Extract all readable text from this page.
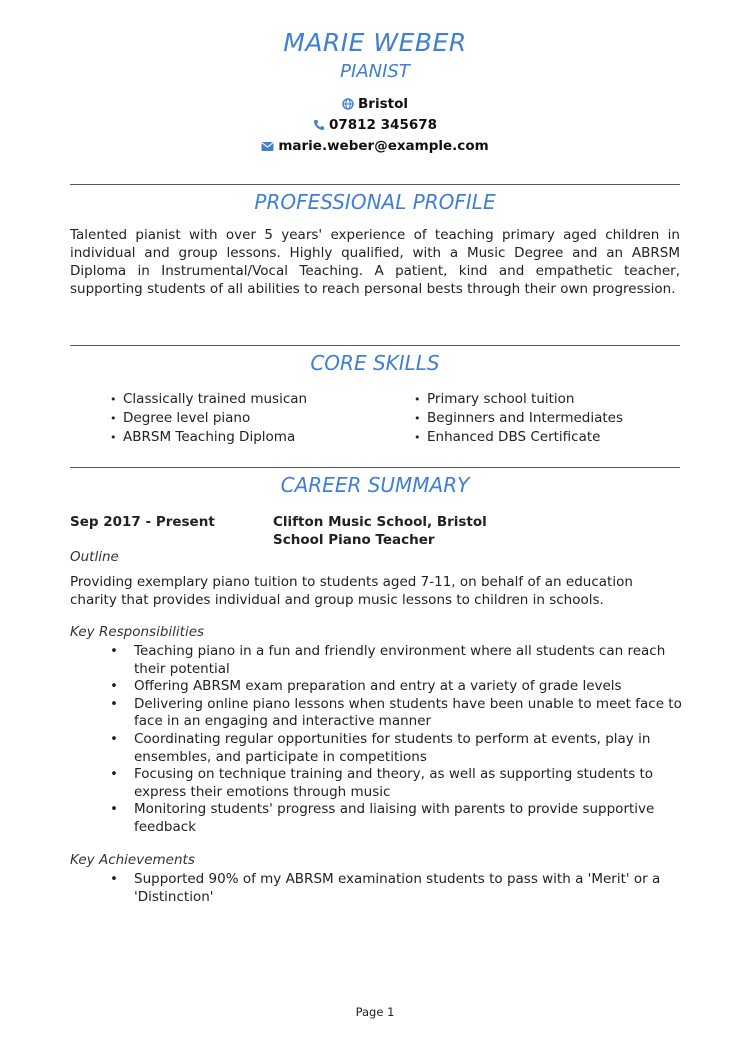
MARIE WEBER
PIANIST
Bristol
07812 345678
marie.weber@example.com
PROFESSIONAL PROFILE

Talented pianist with over 5 years' experience of teaching primary aged children in individual and group lessons. Highly qualified, with a Music Degree and an ABRSM Diploma in Instrumental/Vocal Teaching. A patient, kind and empathetic teacher, supporting students of all abilities to reach personal bests through their own progression.

CORE SKILLS
• Classically trained musican
• Degree level piano
• ABRSM Teaching Diploma
• Primary school tuition
• Beginners and Intermediates
• Enhanced DBS Certificate
CAREER SUMMARY
Sep 2017 - Present	Clifton Music School, Bristol
School Piano Teacher
Outline

Providing exemplary piano tuition to students aged 7-11, on behalf of an education charity that provides individual and group music lessons to children in schools.

Key Responsibilities
• Teaching piano in a fun and friendly environment where all students can reach their potential
• Offering ABRSM exam preparation and entry at a variety of grade levels
• Delivering online piano lessons when students have been unable to meet face to face in an engaging and interactive manner
• Coordinating regular opportunities for students to perform at events, play in ensembles, and participate in competitions
• Focusing on technique training and theory, as well as supporting students to express their emotions through music
• Monitoring students' progress and liaising with parents to provide supportive feedback
Key Achievements
• Supported 90% of my ABRSM examination students to pass with a 'Merit' or a 'Distinction'
Page 1
